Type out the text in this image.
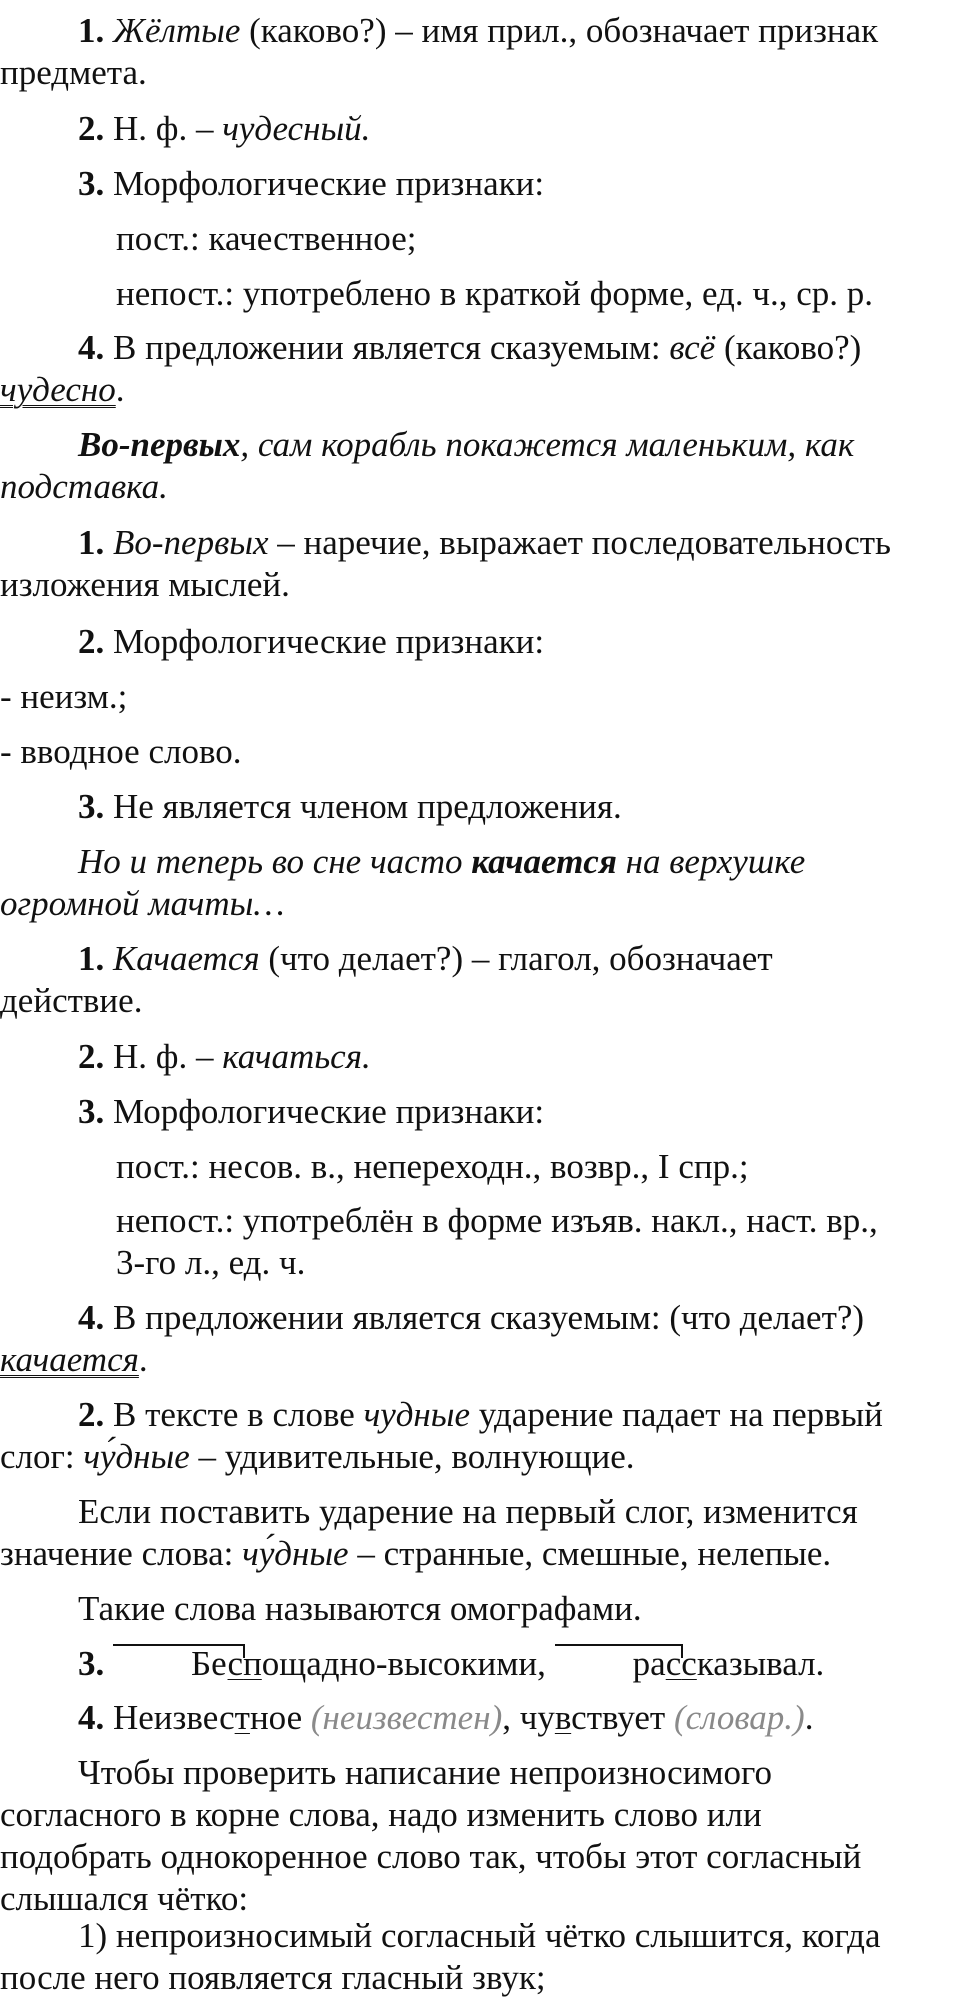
1. Жёлтые (каково?) – имя прил., обозначает признак
предмета.

2. Н. ф. – чудесный.

3. Морфологические признаки:

пост.: качественное;

непост.: употреблено в краткой форме, ед. ч., ср. р.

4. В предложении является сказуемым: всё (каково?)
чудесно.

Во-первых, сам корабль покажется маленьким, как
подставка.

1. Во-первых – наречие, выражает последовательность
изложения мыслей.

2. Морфологические признаки:

- неизм.;

- вводное слово.

3. Не является членом предложения.

Но и теперь во сне часто качается на верхушке
огромной мачты…

1. Качается (что делает?) – глагол, обозначает
действие.

2. Н. ф. – качаться.

3. Морфологические признаки:

пост.: несов. в., непереходн., возвр., I спр.;

непост.: употреблён в форме изъяв. накл., наст. вр.,
3-го л., ед. ч.

4. В предложении является сказуемым: (что делает?)
качается.

2. В тексте в слове чудные ударение падает на первый
слог: чу́дные – удивительные, волнующие.

Если поставить ударение на первый слог, изменится
значение слова: чу́дные – странные, смешные, нелепые.

Такие слова называются омографами.

3. Беспощадно-высокими, рассказывал.

4. Неизвестное (неизвестен), чувствует (словар.).

Чтобы проверить написание непроизносимого
согласного в корне слова, надо изменить слово или
подобрать однокоренное слово так, чтобы этот согласный
слышался чётко:

1) непроизносимый согласный чётко слышится, когда
после него появляется гласный звук;
